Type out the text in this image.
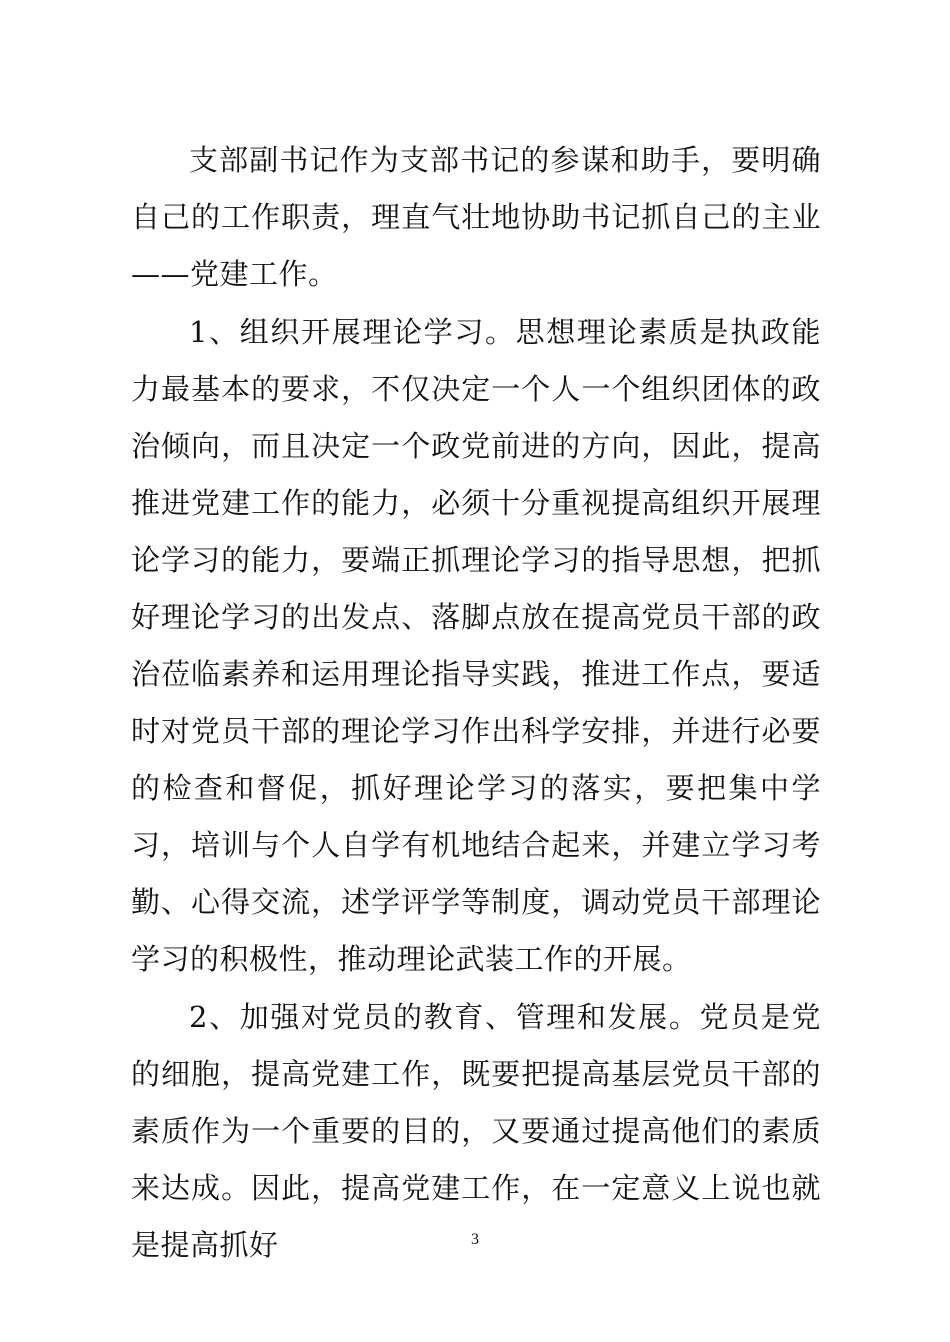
支部副书记作为支部书记的参谋和助手，要明确自己的工作职责，理直气壮地协助书记抓自己的主业——党建工作。

1、组织开展理论学习。思想理论素质是执政能力最基本的要求，不仅决定一个人一个组织团体的政治倾向，而且决定一个政党前进的方向，因此，提高推进党建工作的能力，必须十分重视提高组织开展理论学习的能力，要端正抓理论学习的指导思想，把抓好理论学习的出发点、落脚点放在提高党员干部的政治莅临素养和运用理论指导实践，推进工作点，要适时对党员干部的理论学习作出科学安排，并进行必要的检查和督促，抓好理论学习的落实，要把集中学习，培训与个人自学有机地结合起来，并建立学习考勤、心得交流，述学评学等制度，调动党员干部理论学习的积极性，推动理论武装工作的开展。

2、加强对党员的教育、管理和发展。党员是党的细胞，提高党建工作，既要把提高基层党员干部的素质作为一个重要的目的，又要通过提高他们的素质来达成。因此，提高党建工作，在一定意义上说也就是提高抓好	3
